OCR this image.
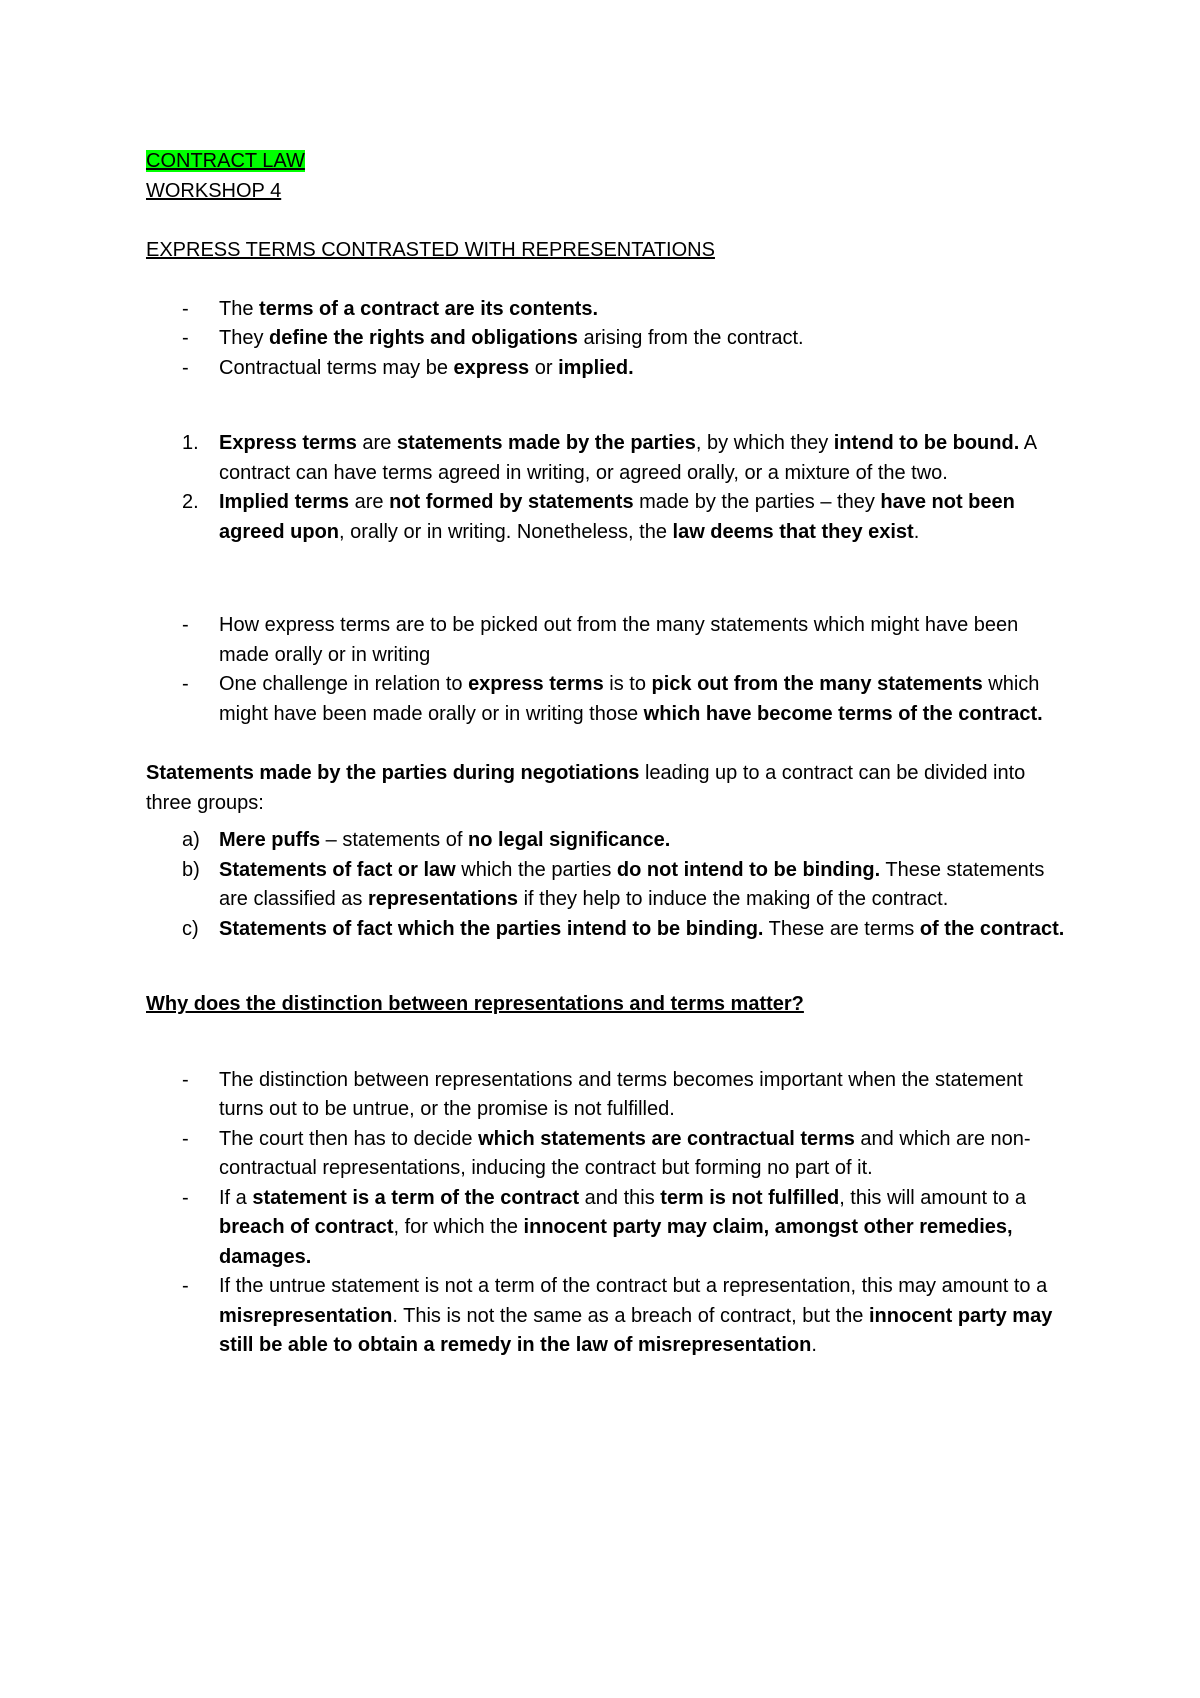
CONTRACT LAW

WORKSHOP 4

EXPRESS TERMS CONTRASTED WITH REPRESENTATIONS

-	The terms of a contract are its contents.
-	They define the rights and obligations arising from the contract.
-	Contractual terms may be express or implied.
1.	Express terms are statements made by the parties, by which they intend to be bound. A contract can have terms agreed in writing, or agreed orally, or a mixture of the two.
2.	Implied terms are not formed by statements made by the parties – they have not been agreed upon, orally or in writing. Nonetheless, the law deems that they exist.
-	How express terms are to be picked out from the many statements which might have been made orally or in writing
-	One challenge in relation to express terms is to pick out from the many statements which might have been made orally or in writing those which have become terms of the contract.

Statements made by the parties during negotiations leading up to a contract can be divided into three groups:

a) Mere puffs – statements of no legal significance.
b) Statements of fact or law which the parties do not intend to be binding. These statements are classified as representations if they help to induce the making of the contract.
c)	Statements of fact which the parties intend to be binding. These are terms of the contract.

Why does the distinction between representations and terms matter?

-	The distinction between representations and terms becomes important when the statement turns out to be untrue, or the promise is not fulfilled.
-	The court then has to decide which statements are contractual terms and which are non-contractual representations, inducing the contract but forming no part of it.
-	If a statement is a term of the contract and this term is not fulfilled, this will amount to a breach of contract, for which the innocent party may claim, amongst other remedies, damages.
-	If the untrue statement is not a term of the contract but a representation, this may amount to a misrepresentation. This is not the same as a breach of contract, but the innocent party may still be able to obtain a remedy in the law of misrepresentation.
